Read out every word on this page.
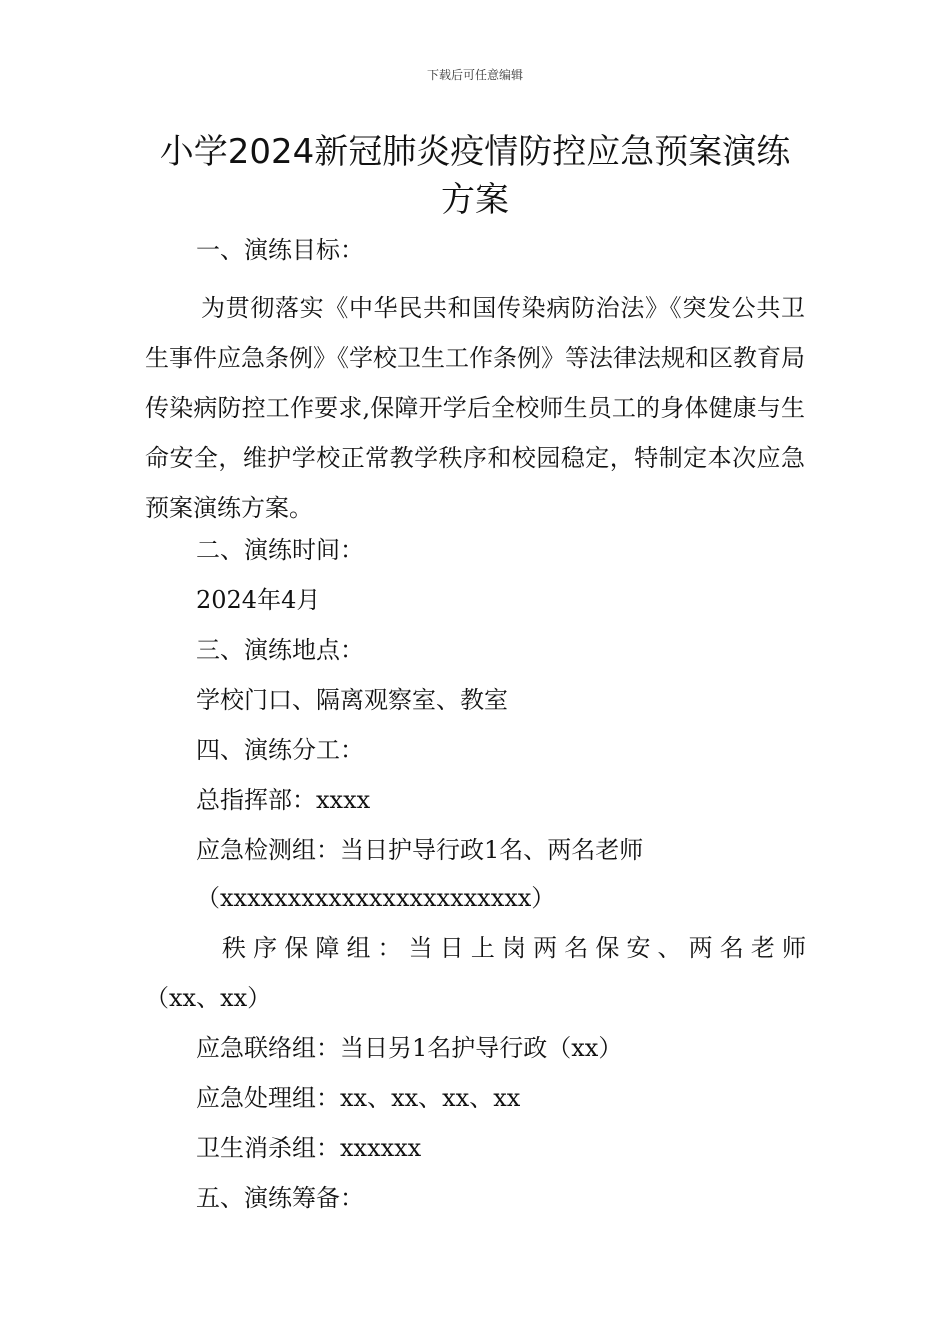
下载后可任意编辑
小学2024新冠肺炎疫情防控应急预案演练方案
一、演练目标：
为贯彻落实《中华民共和国传染病防治法》《突发公共卫生事件应急条例》《学校卫生工作条例》等法律法规和区教育局传染病防控工作要求,保障开学后全校师生员工的身体健康与生命安全，维护学校正常教学秩序和校园稳定，特制定本次应急预案演练方案。
二、演练时间：
2024年4月
三、演练地点：
学校门口、隔离观察室、教室
四、演练分工：
总指挥部：xxxx
应急检测组：当日护导行政1名、两名老师
（xxxxxxxxxxxxxxxxxxxxxxx）
秩序保障组：当日上岗两名保安、两名老师
（xx、xx）
应急联络组：当日另1名护导行政（xx）
应急处理组：xx、xx、xx、xx
卫生消杀组：xxxxxx
五、演练筹备：
